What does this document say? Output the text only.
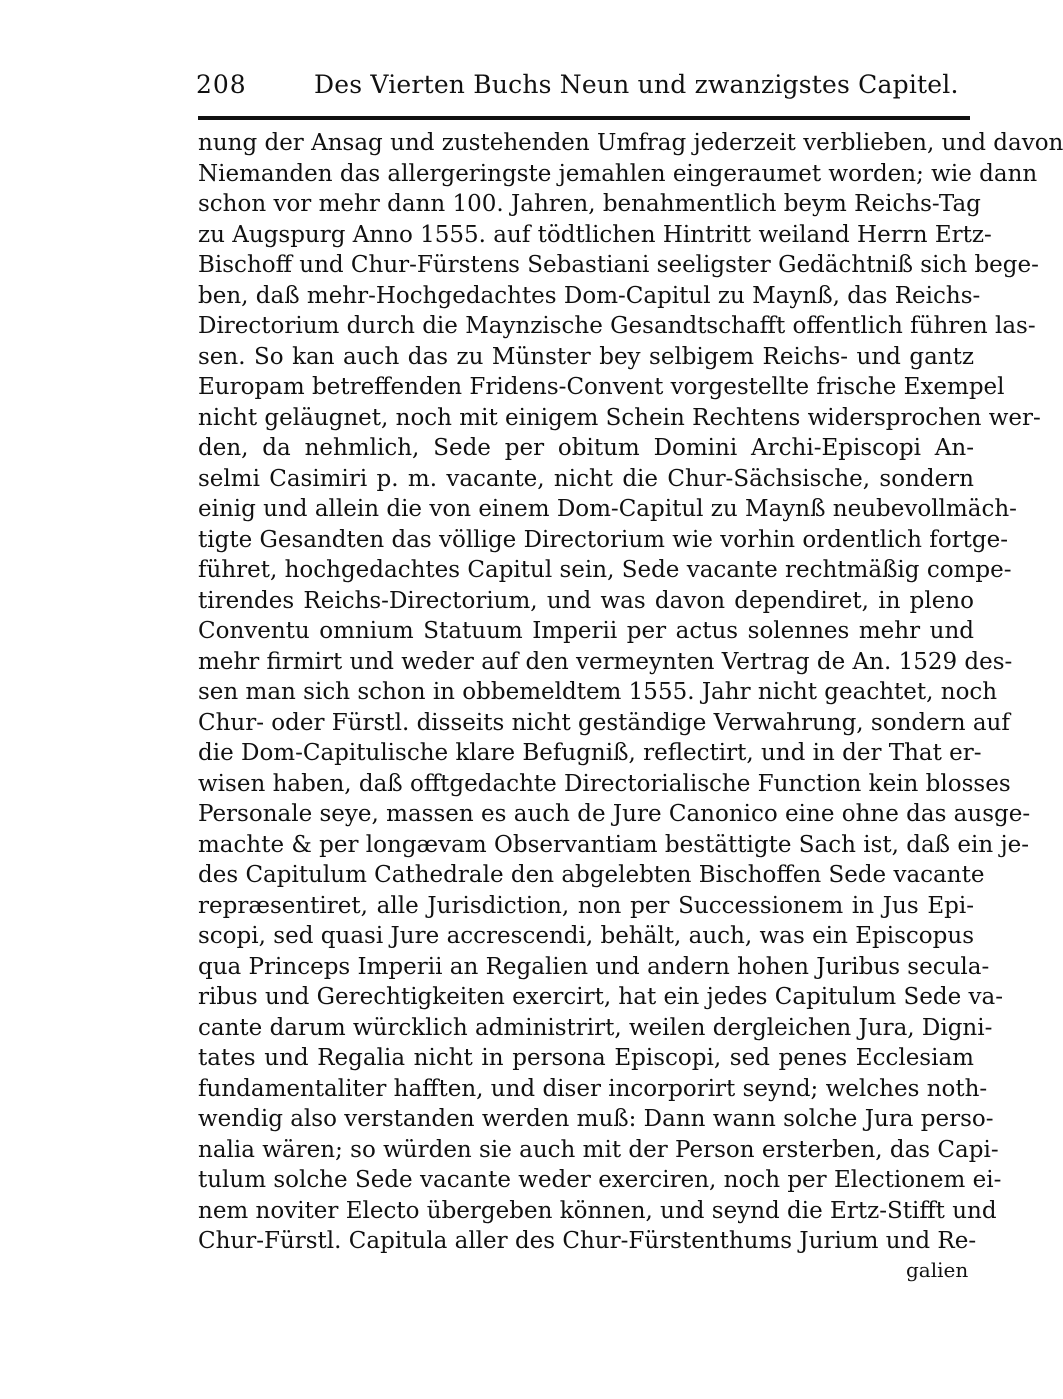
208	Des Vierten Buchs Neun und zwanzigstes Capitel.
nung der Ansag und zustehenden Umfrag jederzeit verblieben, und davon
Niemanden das allergeringste jemahlen eingeraumet worden; wie dann
schon vor mehr dann 100. Jahren, benahmentlich beym Reichs-Tag
zu Augspurg Anno 1555. auf tödtlichen Hintritt weiland Herrn Ertz-
Bischoff und Chur-Fürstens Sebastiani seeligster Gedächtniß sich bege-
ben, daß mehr-Hochgedachtes Dom-Capitul zu Maynß, das Reichs-
Directorium durch die Maynzische Gesandtschafft offentlich führen las-
sen. So kan auch das zu Münster bey selbigem Reichs- und gantz
Europam betreffenden Fridens-Convent vorgestellte frische Exempel
nicht geläugnet, noch mit einigem Schein Rechtens widersprochen wer-
den, da nehmlich, Sede per obitum Domini Archi-Episcopi An-
selmi Casimiri p. m. vacante, nicht die Chur-Sächsische, sondern
einig und allein die von einem Dom-Capitul zu Maynß neubevollmäch-
tigte Gesandten das völlige Directorium wie vorhin ordentlich fortge-
führet, hochgedachtes Capitul sein, Sede vacante rechtmäßig compe-
tirendes Reichs-Directorium, und was davon dependiret, in pleno
Conventu omnium Statuum Imperii per actus solennes mehr und
mehr firmirt und weder auf den vermeynten Vertrag de An. 1529 des-
sen man sich schon in obbemeldtem 1555. Jahr nicht geachtet, noch
Chur- oder Fürstl. disseits nicht geständige Verwahrung, sondern auf
die Dom-Capitulische klare Befugniß, reflectirt, und in der That er-
wisen haben, daß offtgedachte Directorialische Function kein blosses
Personale seye, massen es auch de Jure Canonico eine ohne das ausge-
machte & per longævam Observantiam bestättigte Sach ist, daß ein je-
des Capitulum Cathedrale den abgelebten Bischoffen Sede vacante
repræsentiret, alle Jurisdiction, non per Successionem in Jus Epi-
scopi, sed quasi Jure accrescendi, behält, auch, was ein Episcopus
qua Princeps Imperii an Regalien und andern hohen Juribus secula-
ribus und Gerechtigkeiten exercirt, hat ein jedes Capitulum Sede va-
cante darum würcklich administrirt, weilen dergleichen Jura, Digni-
tates und Regalia nicht in persona Episcopi, sed penes Ecclesiam
fundamentaliter hafften, und diser incorporirt seynd; welches noth-
wendig also verstanden werden muß: Dann wann solche Jura perso-
nalia wären; so würden sie auch mit der Person ersterben, das Capi-
tulum solche Sede vacante weder exerciren, noch per Electionem ei-
nem noviter Electo übergeben können, und seynd die Ertz-Stifft und
Chur-Fürstl. Capitula aller des Chur-Fürstenthums Jurium und Re-
galien
